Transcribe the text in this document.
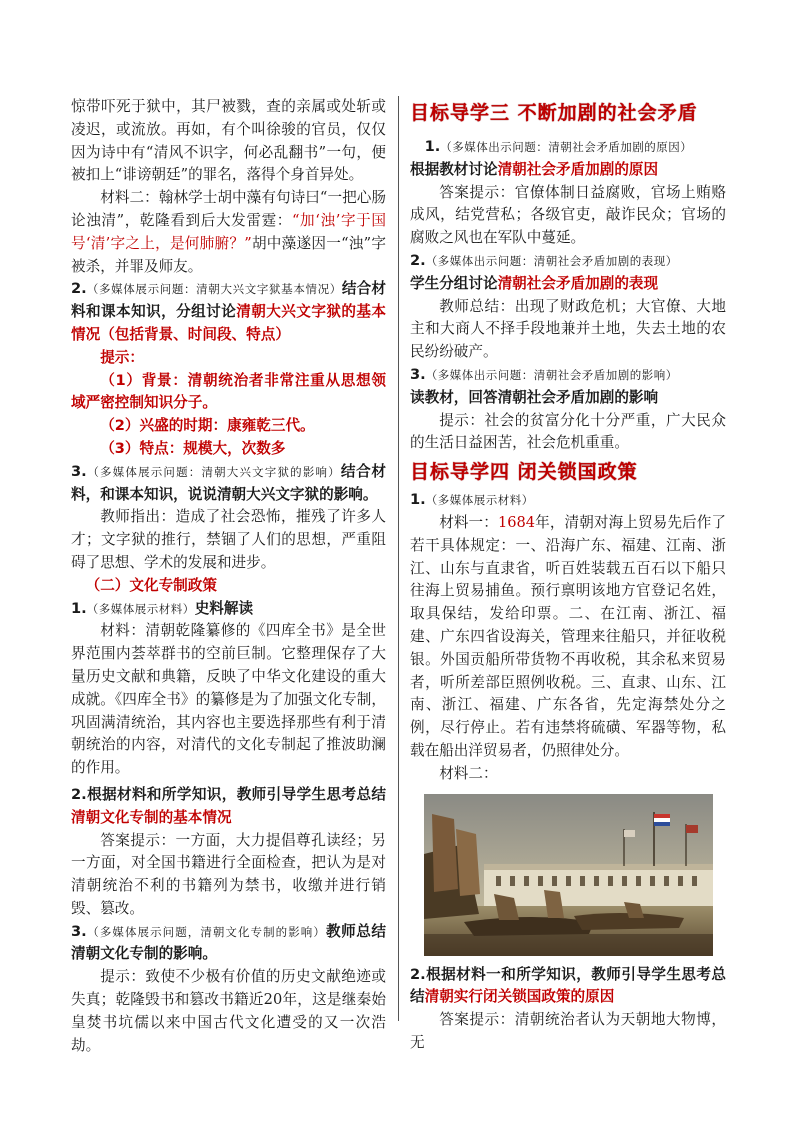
惊带吓死于狱中，其尸被戮，查的亲属或处斩或凌迟，或流放。再如，有个叫徐骏的官员，仅仅因为诗中有“清风不识字，何必乱翻书”一句，便被扣上“诽谤朝廷”的罪名，落得个身首异处。

材料二：翰林学士胡中藻有句诗曰“一把心肠论浊清”，乾隆看到后大发雷霆：“加‘浊’字于国号‘清’字之上，是何肺腑？”胡中藻遂因一“浊”字被杀，并罪及师友。

2.（多媒体展示问题：清朝大兴文字狱基本情况）结合材料和课本知识，分组讨论清朝大兴文字狱的基本情况（包括背景、时间段、特点）

提示：

（1）背景：清朝统治者非常注重从思想领域严密控制知识分子。

（2）兴盛的时期：康雍乾三代。

（3）特点：规模大，次数多

3.（多媒体展示问题：清朝大兴文字狱的影响）结合材料，和课本知识，说说清朝大兴文字狱的影响。

教师指出：造成了社会恐怖，摧残了许多人才；文字狱的推行，禁锢了人们的思想，严重阻碍了思想、学术的发展和进步。

（二）文化专制政策

1.（多媒体展示材料）史料解读

材料：清朝乾隆纂修的《四库全书》是全世界范围内荟萃群书的空前巨制。它整理保存了大量历史文献和典籍，反映了中华文化建设的重大成就。《四库全书》的纂修是为了加强文化专制，巩固满清统治，其内容也主要选择那些有利于清朝统治的内容，对清代的文化专制起了推波助澜的作用。

2.根据材料和所学知识，教师引导学生思考总结清朝文化专制的基本情况

答案提示：一方面，大力提倡尊孔读经；另一方面，对全国书籍进行全面检查，把认为是对清朝统治不利的书籍列为禁书，收缴并进行销毁、篡改。

3.（多媒体展示问题，清朝文化专制的影响）教师总结清朝文化专制的影响。

提示：致使不少极有价值的历史文献绝迹或失真；乾隆毁书和篡改书籍近20年，这是继秦始皇焚书坑儒以来中国古代文化遭受的又一次浩劫。

目标导学三 不断加剧的社会矛盾

1.（多媒体出示问题：清朝社会矛盾加剧的原因）

根据教材讨论清朝社会矛盾加剧的原因

答案提示：官僚体制日益腐败，官场上贿赂成风，结党营私；各级官吏，敲诈民众；官场的腐败之风也在军队中蔓延。

2.（多媒体出示问题：清朝社会矛盾加剧的表现）

学生分组讨论清朝社会矛盾加剧的表现

教师总结：出现了财政危机；大官僚、大地主和大商人不择手段地兼并土地，失去土地的农民纷纷破产。

3.（多媒体出示问题：清朝社会矛盾加剧的影响）

读教材，回答清朝社会矛盾加剧的影响

提示：社会的贫富分化十分严重，广大民众的生活日益困苦，社会危机重重。

目标导学四 闭关锁国政策

1.（多媒体展示材料）

材料一：1684年，清朝对海上贸易先后作了若干具体规定：一、沿海广东、福建、江南、浙江、山东与直隶省，听百姓装载五百石以下船只往海上贸易捕鱼。预行禀明该地方官登记名姓，取具保结，发给印票。二、在江南、浙江、福建、广东四省设海关，管理来往船只，并征收税银。外国贡船所带货物不再收税，其余私来贸易者，听所差部臣照例收税。三、直隶、山东、江南、浙江、福建、广东各省，先定海禁处分之例，尽行停止。若有违禁将硫磺、军器等物，私载在船出洋贸易者，仍照律处分。

材料二：

2.根据材料一和所学知识，教师引导学生思考总结清朝实行闭关锁国政策的原因

答案提示：清朝统治者认为天朝地大物博，无
